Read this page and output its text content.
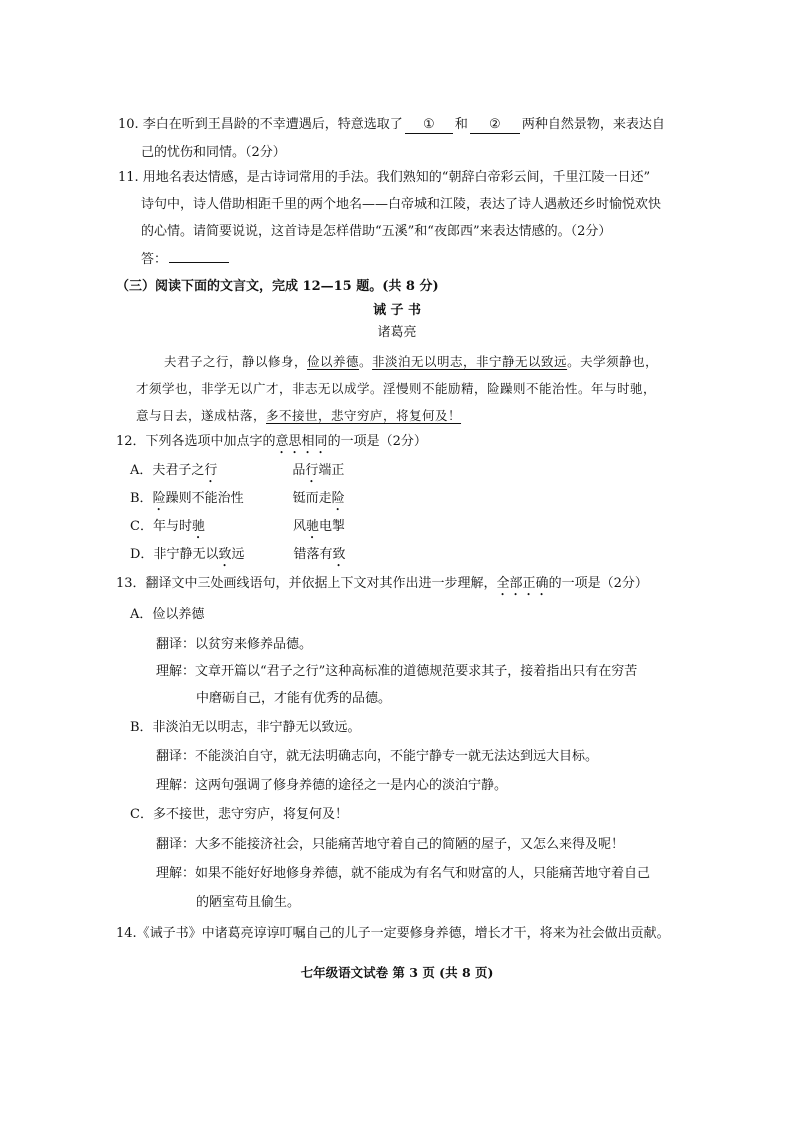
10. 李白在听到王昌龄的不幸遭遇后，特意选取了 ① 和 ② 两种自然景物，来表达自
己的忧伤和同情。（2分）
11. 用地名表达情感，是古诗词常用的手法。我们熟知的“朝辞白帝彩云间，千里江陵一日还”
诗句中，诗人借助相距千里的两个地名——白帝城和江陵，表达了诗人遇赦还乡时愉悦欢快
的心情。请简要说说，这首诗是怎样借助“五溪”和“夜郎西”来表达情感的。（2分）
答：
（三）阅读下面的文言文，完成 12—15 题。(共 8 分)
诫 子 书
诸葛亮
夫君子之行，静以修身，俭以养德。非淡泊无以明志，非宁静无以致远。夫学须静也，
才须学也，非学无以广才，非志无以成学。淫慢则不能励精，险躁则不能治性。年与时驰，
意与日去，遂成枯落，多不接世，悲守穷庐，将复何及！
12．下列各选项中加点字的意思相同的一项是（2分）
A．夫君子之行	品行端正
B．险躁则不能治性	铤而走险
C．年与时驰	风驰电掣
D．非宁静无以致远	错落有致
13．翻译文中三处画线语句，并依据上下文对其作出进一步理解，全部正确的一项是（2分）
A．俭以养德
翻译：以贫穷来修养品德。
理解：文章开篇以“君子之行”这种高标准的道德规范要求其子，接着指出只有在穷苦
中磨砺自己，才能有优秀的品德。
B．非淡泊无以明志，非宁静无以致远。
翻译：不能淡泊自守，就无法明确志向，不能宁静专一就无法达到远大目标。
理解：这两句强调了修身养德的途径之一是内心的淡泊宁静。
C．多不接世，悲守穷庐，将复何及！
翻译：大多不能接济社会，只能痛苦地守着自己的简陋的屋子，又怎么来得及呢！
理解：如果不能好好地修身养德，就不能成为有名气和财富的人，只能痛苦地守着自己
的陋室苟且偷生。
14.《诫子书》中诸葛亮谆谆叮嘱自己的儿子一定要修身养德，增长才干，将来为社会做出贡献。
七年级语文试卷 第 3 页 (共 8 页)
